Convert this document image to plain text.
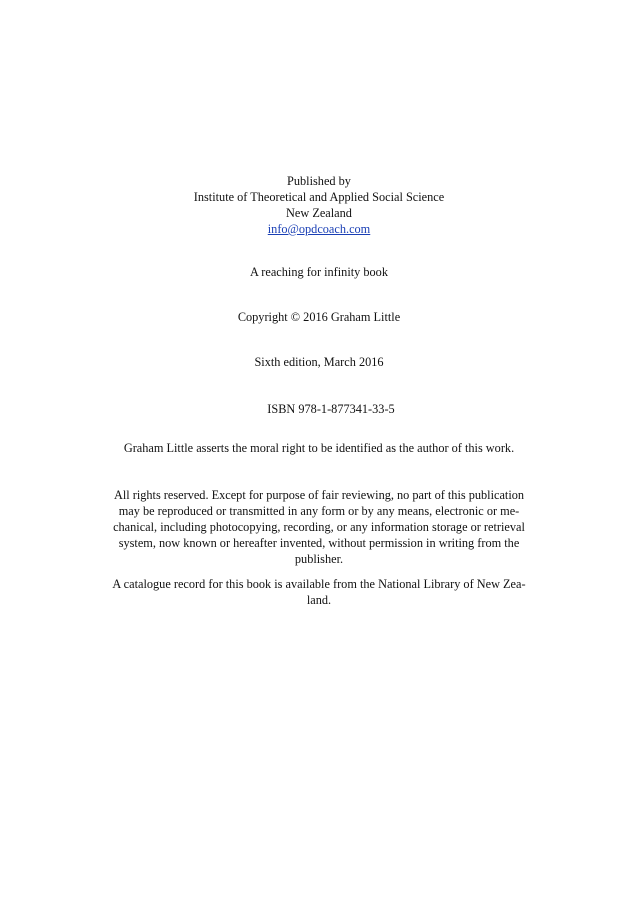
Published by
Institute of Theoretical and Applied Social Science
New Zealand
info@opdcoach.com
A reaching for infinity book
Copyright © 2016 Graham Little
Sixth edition, March 2016
ISBN 978-1-877341-33-5
Graham Little asserts the moral right to be identified as the author of this work.
All rights reserved. Except for purpose of fair reviewing, no part of this publication
may be reproduced or transmitted in any form or by any means, electronic or me-
chanical, including photocopying, recording, or any information storage or retrieval
system, now known or hereafter invented, without permission in writing from the
publisher.
A catalogue record for this book is available from the National Library of New Zea-
land.
